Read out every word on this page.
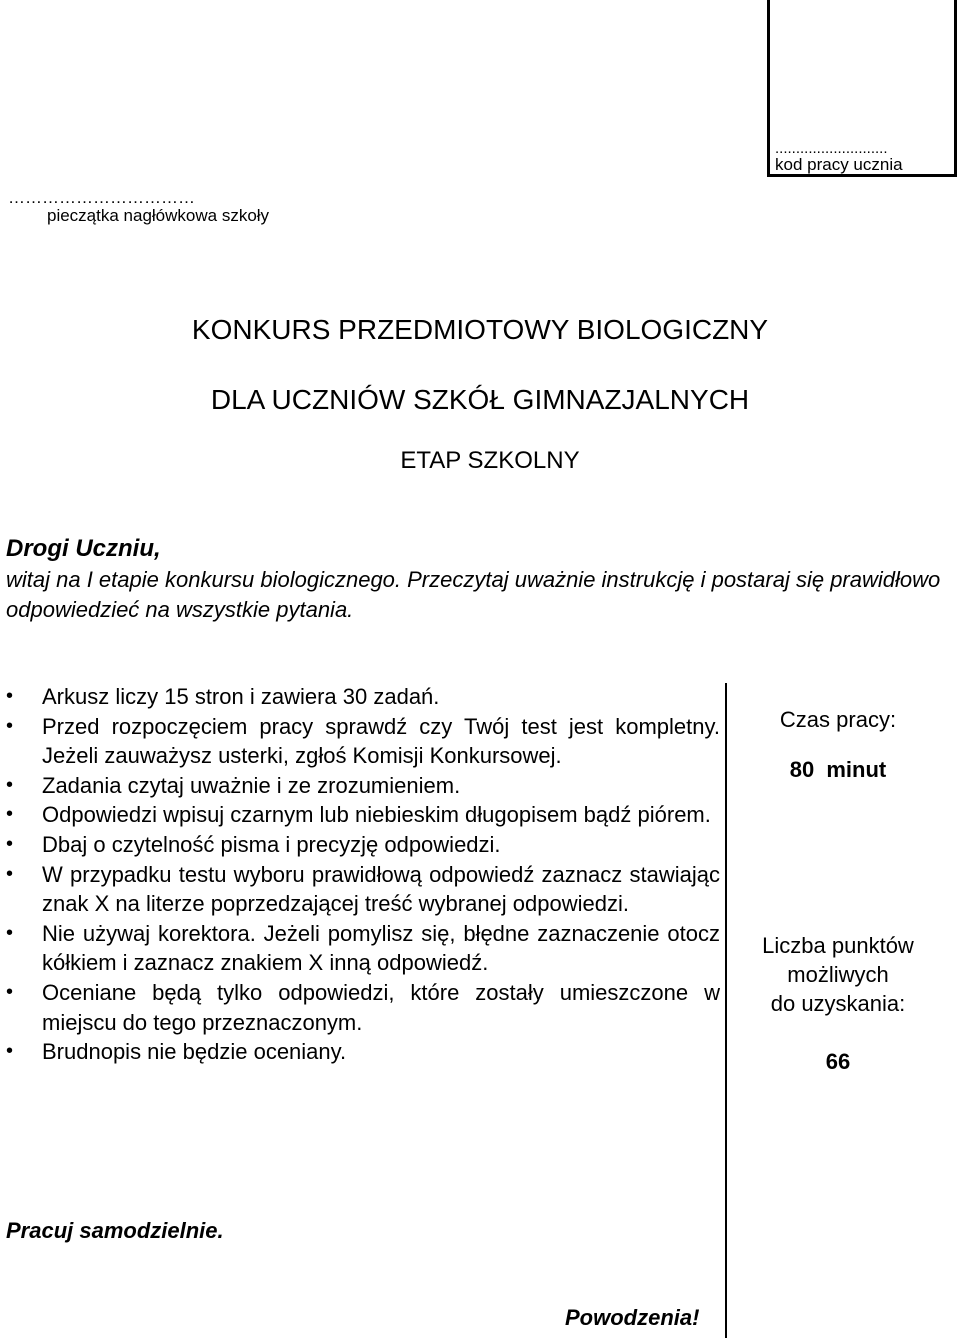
...........................
kod pracy ucznia
……………………………
pieczątka nagłówkowa szkoły
KONKURS PRZEDMIOTOWY BIOLOGICZNY
DLA UCZNIÓW SZKÓŁ GIMNAZJALNYCH
ETAP SZKOLNY
Drogi Uczniu,
witaj na I etapie konkursu biologicznego. Przeczytaj uważnie instrukcję i postaraj się prawidłowo odpowiedzieć na wszystkie pytania.
• Arkusz liczy 15 stron i zawiera 30 zadań.
• Przed rozpoczęciem pracy sprawdź czy Twój test jest kompletny. Jeżeli zauważysz usterki, zgłoś Komisji Konkursowej.
• Zadania czytaj uważnie i ze zrozumieniem.
• Odpowiedzi wpisuj czarnym lub niebieskim długopisem bądź piórem.
• Dbaj o czytelność pisma i precyzję odpowiedzi.
• W przypadku testu wyboru prawidłową odpowiedź zaznacz stawiając znak X na literze poprzedzającej treść wybranej odpowiedzi.
• Nie używaj korektora. Jeżeli pomylisz się, błędne zaznaczenie otocz kółkiem i zaznacz znakiem X inną odpowiedź.
• Oceniane będą tylko odpowiedzi, które zostały umieszczone w miejscu do tego przeznaczonym.
• Brudnopis nie będzie oceniany.
Czas pracy:
80 minut
Liczba punktów
możliwych
do uzyskania:
66
Pracuj samodzielnie.
Powodzenia!
